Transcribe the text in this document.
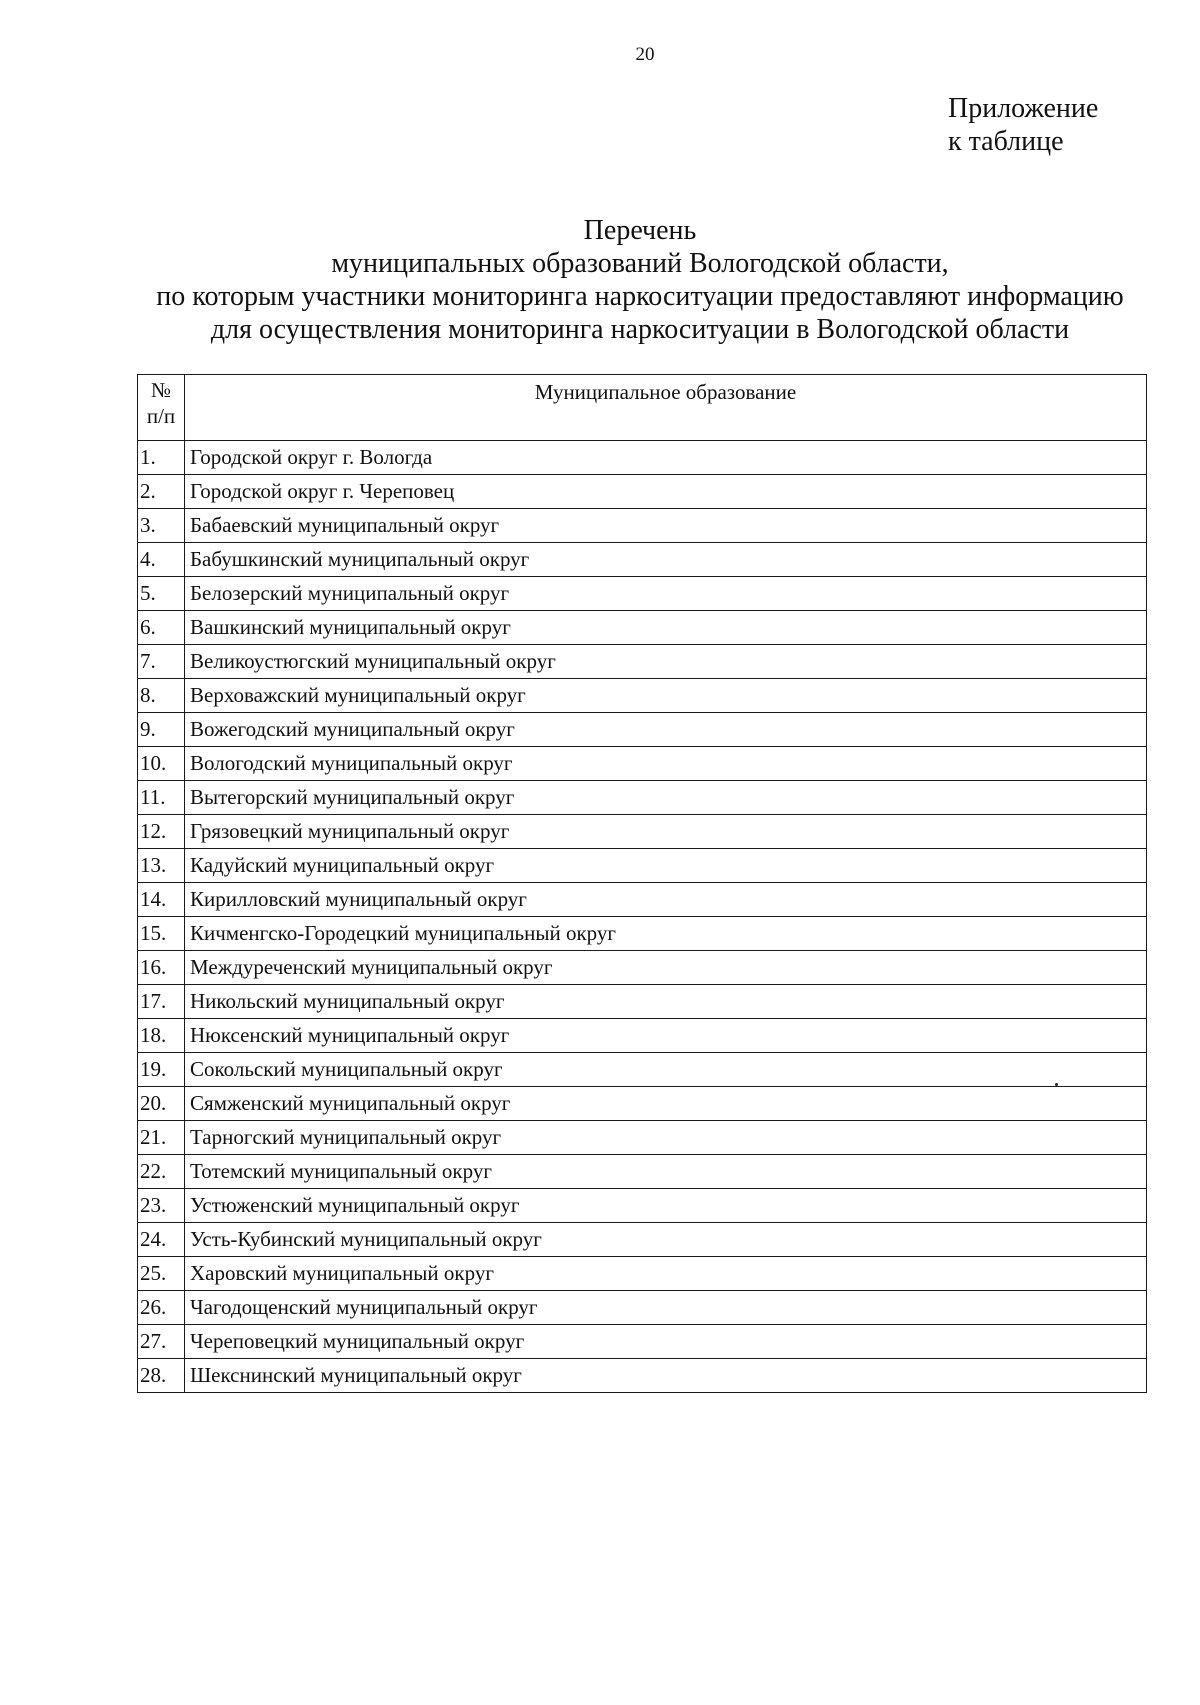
20
Приложение
к таблице
Перечень
муниципальных образований Вологодской области,
по которым участники мониторинга наркоситуации предоставляют информацию
для осуществления мониторинга наркоситуации в Вологодской области
№
п/п	Муниципальное образование
1.	Городской округ г. Вологда
2.	Городской округ г. Череповец
3.	Бабаевский муниципальный округ
4.	Бабушкинский муниципальный округ
5.	Белозерский муниципальный округ
6.	Вашкинский муниципальный округ
7.	Великоустюгский муниципальный округ
8.	Верховажский муниципальный округ
9.	Вожегодский муниципальный округ
10.	Вологодский муниципальный округ
11.	Вытегорский муниципальный округ
12.	Грязовецкий муниципальный округ
13.	Кадуйский муниципальный округ
14.	Кирилловский муниципальный округ
15.	Кичменгско-Городецкий муниципальный округ
16.	Междуреченский муниципальный округ
17.	Никольский муниципальный округ
18.	Нюксенский муниципальный округ
19.	Сокольский муниципальный округ
20.	Сямженский муниципальный округ
21.	Тарногский муниципальный округ
22.	Тотемский муниципальный округ
23.	Устюженский муниципальный округ
24.	Усть-Кубинский муниципальный округ
25.	Харовский муниципальный округ
26.	Чагодощенский муниципальный округ
27.	Череповецкий муниципальный округ
28.	Шекснинский муниципальный округ
